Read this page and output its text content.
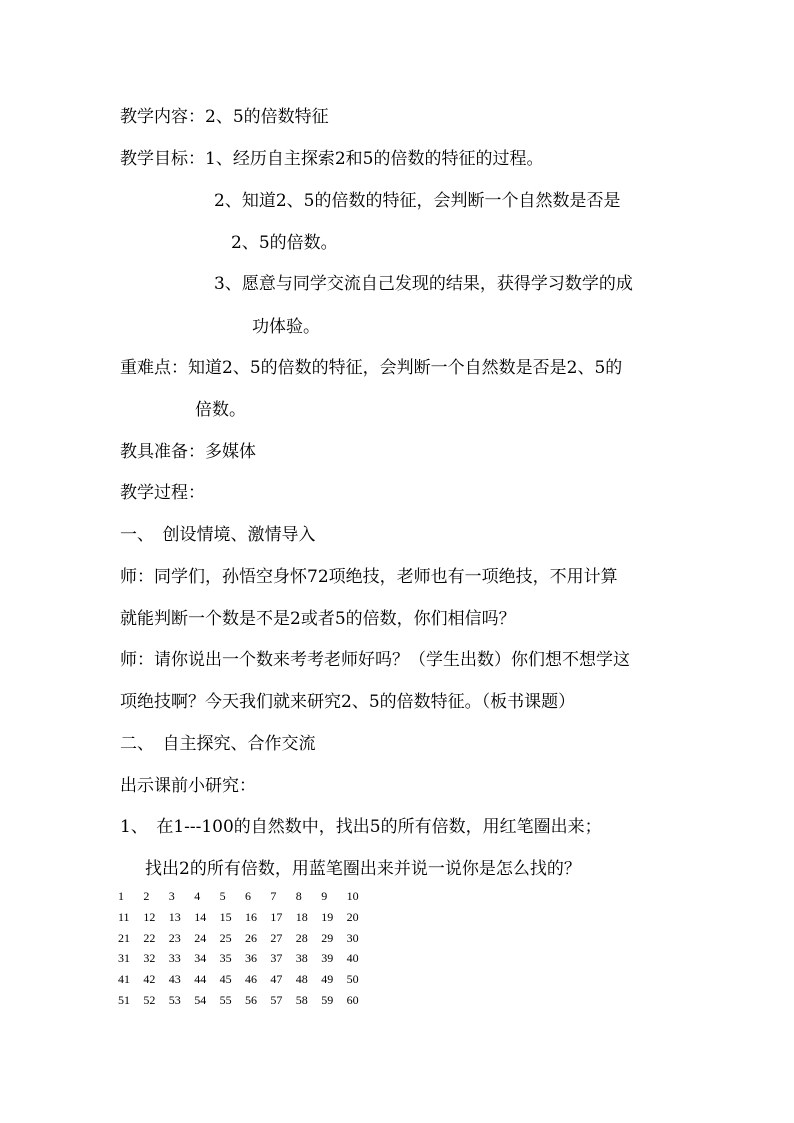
教学内容：2、5的倍数特征
教学目标：1、经历自主探索2和5的倍数的特征的过程。
2、知道2、5的倍数的特征，会判断一个自然数是否是
2、5的倍数。
3、愿意与同学交流自己发现的结果，获得学习数学的成
功体验。
重难点：知道2、5的倍数的特征，会判断一个自然数是否是2、5的
倍数。
教具准备：多媒体
教学过程：
一、　创设情境、激情导入
师：同学们，孙悟空身怀72项绝技，老师也有一项绝技，不用计算
就能判断一个数是不是2或者5的倍数，你们相信吗？
师：请你说出一个数来考考老师好吗？（学生出数）你们想不想学这
项绝技啊？今天我们就来研究2、5的倍数特征。（板书课题）
二、　自主探究、合作交流
出示课前小研究：
1、　在1---100的自然数中，找出5的所有倍数，用红笔圈出来；
找出2的所有倍数，用蓝笔圈出来并说一说你是怎么找的？
1 2 3 4 5 6 7 8 9 10
11 12 13 14 15 16 17 18 19 20
21 22 23 24 25 26 27 28 29 30
31 32 33 34 35 36 37 38 39 40
41 42 43 44 45 46 47 48 49 50
51 52 53 54 55 56 57 58 59 60
